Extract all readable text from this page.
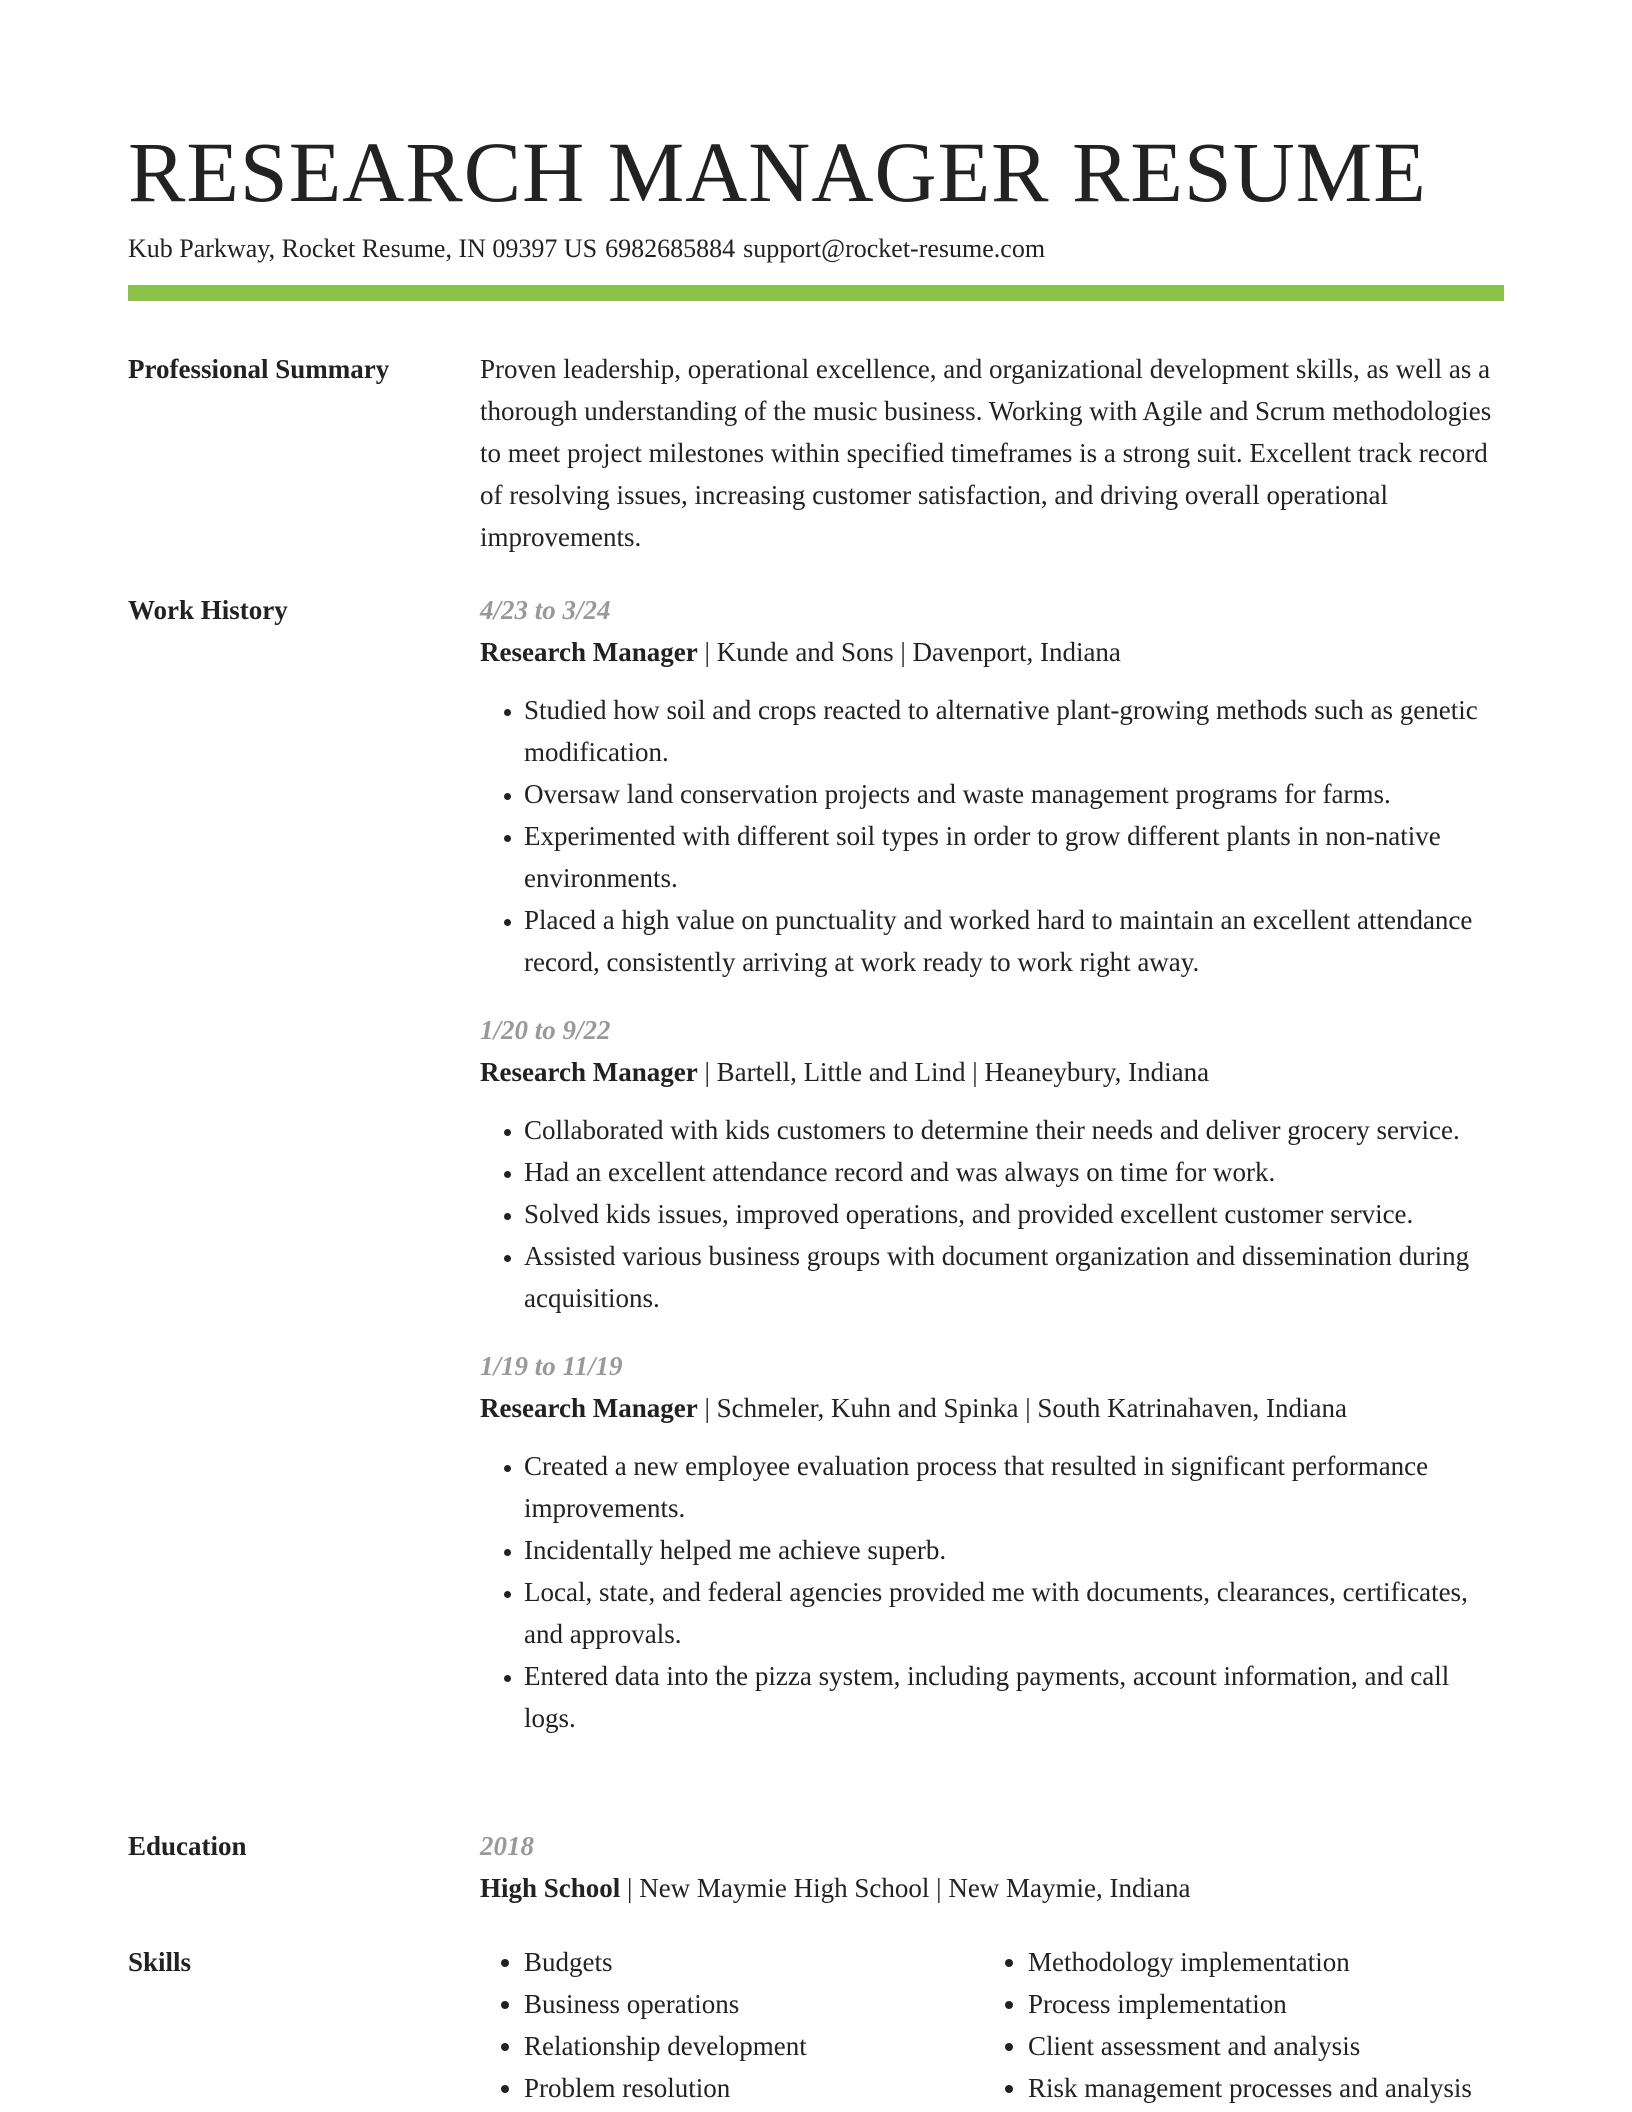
RESEARCH MANAGER RESUME
Kub Parkway, Rocket Resume, IN 09397 US 6982685884 support@rocket-resume.com
Professional Summary	Proven leadership, operational excellence, and organizational development skills, as well as a thorough understanding of the music business. Working with Agile and Scrum methodologies to meet project milestones within specified timeframes is a strong suit. Excellent track record of resolving issues, increasing customer satisfaction, and driving overall operational improvements.

Work History	4/23 to 3/24
Research Manager | Kunde and Sons | Davenport, Indiana
• Studied how soil and crops reacted to alternative plant-growing methods such as genetic modification.
• Oversaw land conservation projects and waste management programs for farms.
• Experimented with different soil types in order to grow different plants in non-native environments.
• Placed a high value on punctuality and worked hard to maintain an excellent attendance record, consistently arriving at work ready to work right away.
1/20 to 9/22
Research Manager | Bartell, Little and Lind | Heaneybury, Indiana
• Collaborated with kids customers to determine their needs and deliver grocery service.
• Had an excellent attendance record and was always on time for work.
• Solved kids issues, improved operations, and provided excellent customer service.
• Assisted various business groups with document organization and dissemination during acquisitions.
1/19 to 11/19
Research Manager | Schmeler, Kuhn and Spinka | South Katrinahaven, Indiana
• Created a new employee evaluation process that resulted in significant performance improvements.
• Incidentally helped me achieve superb.
• Local, state, and federal agencies provided me with documents, clearances, certificates, and approvals.
• Entered data into the pizza system, including payments, account information, and call logs.
Education	2018
High School | New Maymie High School | New Maymie, Indiana
Skills
•	Budgets
• Business operations
• Relationship development
• Problem resolution
• Methodology implementation
• Process implementation
• Client assessment and analysis
• Risk management processes and analysis
